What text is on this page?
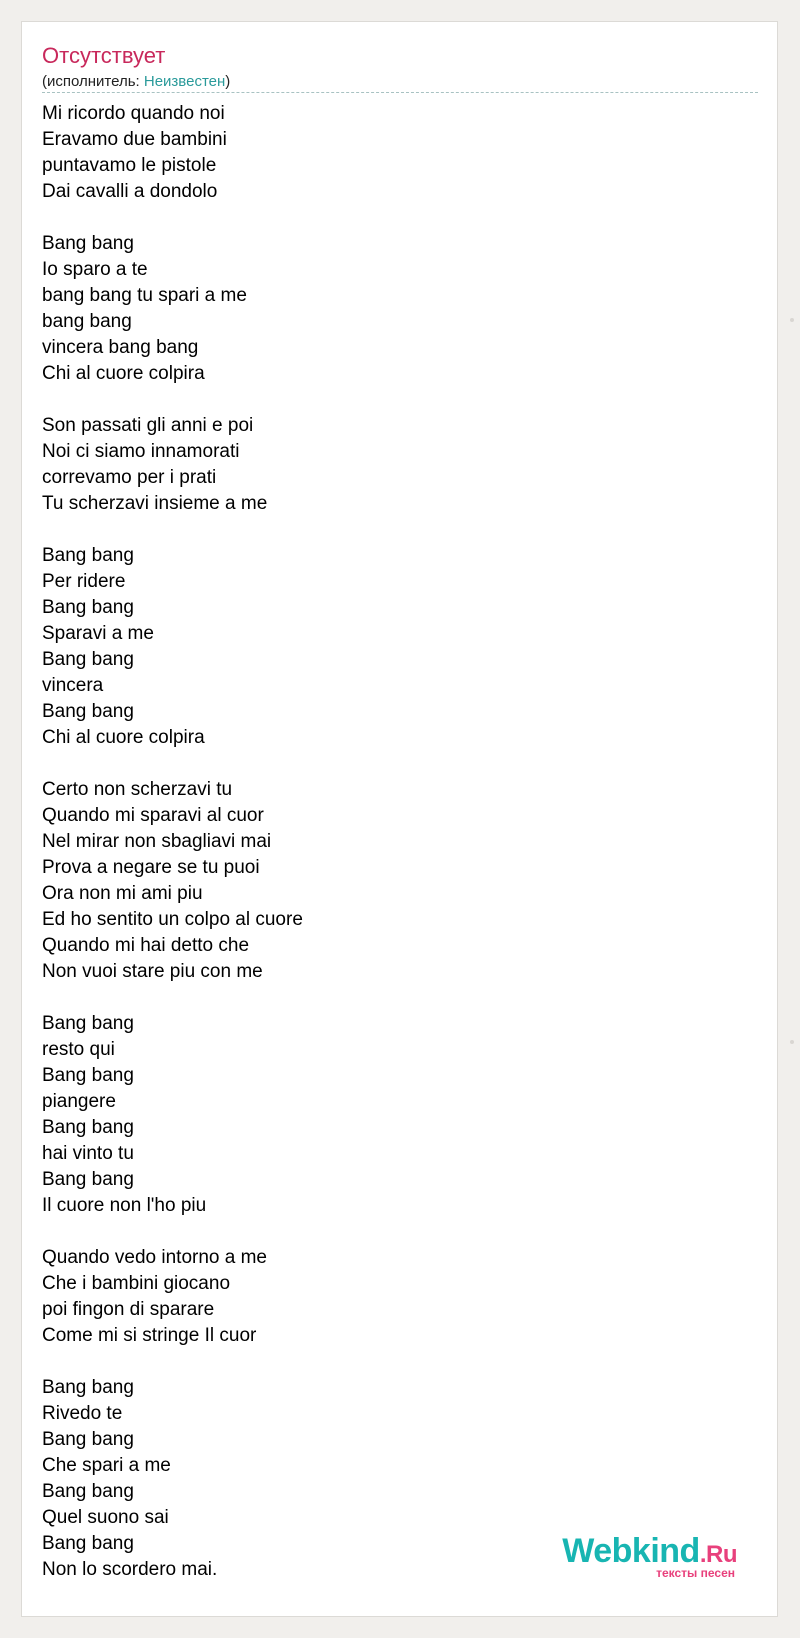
Отсутствует
(исполнитель: Неизвестен)
Mi ricordo quando noi
Eravamo due bambini
puntavamo le pistole
Dai cavalli a dondolo
Bang bang
Io sparo a te
bang bang tu spari a me
bang bang
vincera bang bang
Chi al cuore colpira
Son passati gli anni e poi
Noi ci siamo innamorati
correvamo per i prati
Tu scherzavi insieme a me
Bang bang
Per ridere
Bang bang
Sparavi a me
Bang bang
vincera
Bang bang
Chi al cuore colpira
Certo non scherzavi tu
Quando mi sparavi al cuor
Nel mirar non sbagliavi mai
Prova a negare se tu puoi
Ora non mi ami piu
Ed ho sentito un colpo al cuore
Quando mi hai detto che
Non vuoi stare piu con me
Bang bang
resto qui
Bang bang
piangere
Bang bang
hai vinto tu
Bang bang
Il cuore non l'ho piu
Quando vedo intorno a me
Che i bambini giocano
poi fingon di sparare
Come mi si stringe Il cuor
Bang bang
Rivedo te
Bang bang
Che spari a me
Bang bang
Quel suono sai
Bang bang
Non lo scordero mai.	Webkind.Ru
тексты песен
